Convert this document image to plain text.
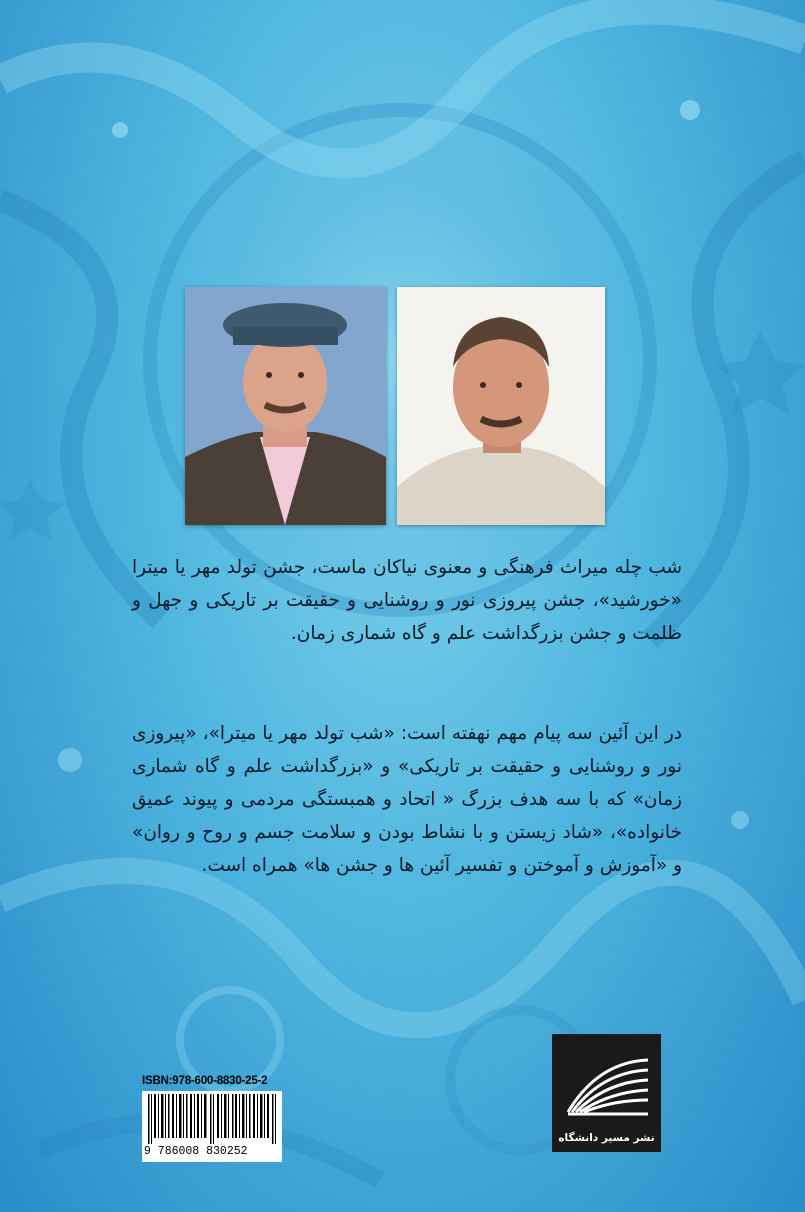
شب چله میراث فرهنگی و معنوی نیاکان ماست، جشن تولد مهر یا میترا «خورشید»، جشن پیروزی نور و روشنایی و حقیقت بر تاریکی و جهل و ظلمت و جشن بزرگداشت علم و گاه شماری زمان.
در این آئین سه پیام مهم نهفته است: «شب تولد مهر یا میترا»، «پیروزی نور و روشنایی و حقیقت بر تاریکی» و «بزرگداشت علم و گاه شماری زمان» که با سه هدف بزرگ « اتحاد و همبستگی مردمی و پیوند عمیق خانواده»، «شاد زیستن و با نشاط بودن و سلامت جسم و روح و روان» و «آموزش و آموختن و تفسیر آئین ها و جشن ها» همراه است.
ISBN:978-600-8830-25-2
9 786008 830252
نشر مسیر دانشگاه
